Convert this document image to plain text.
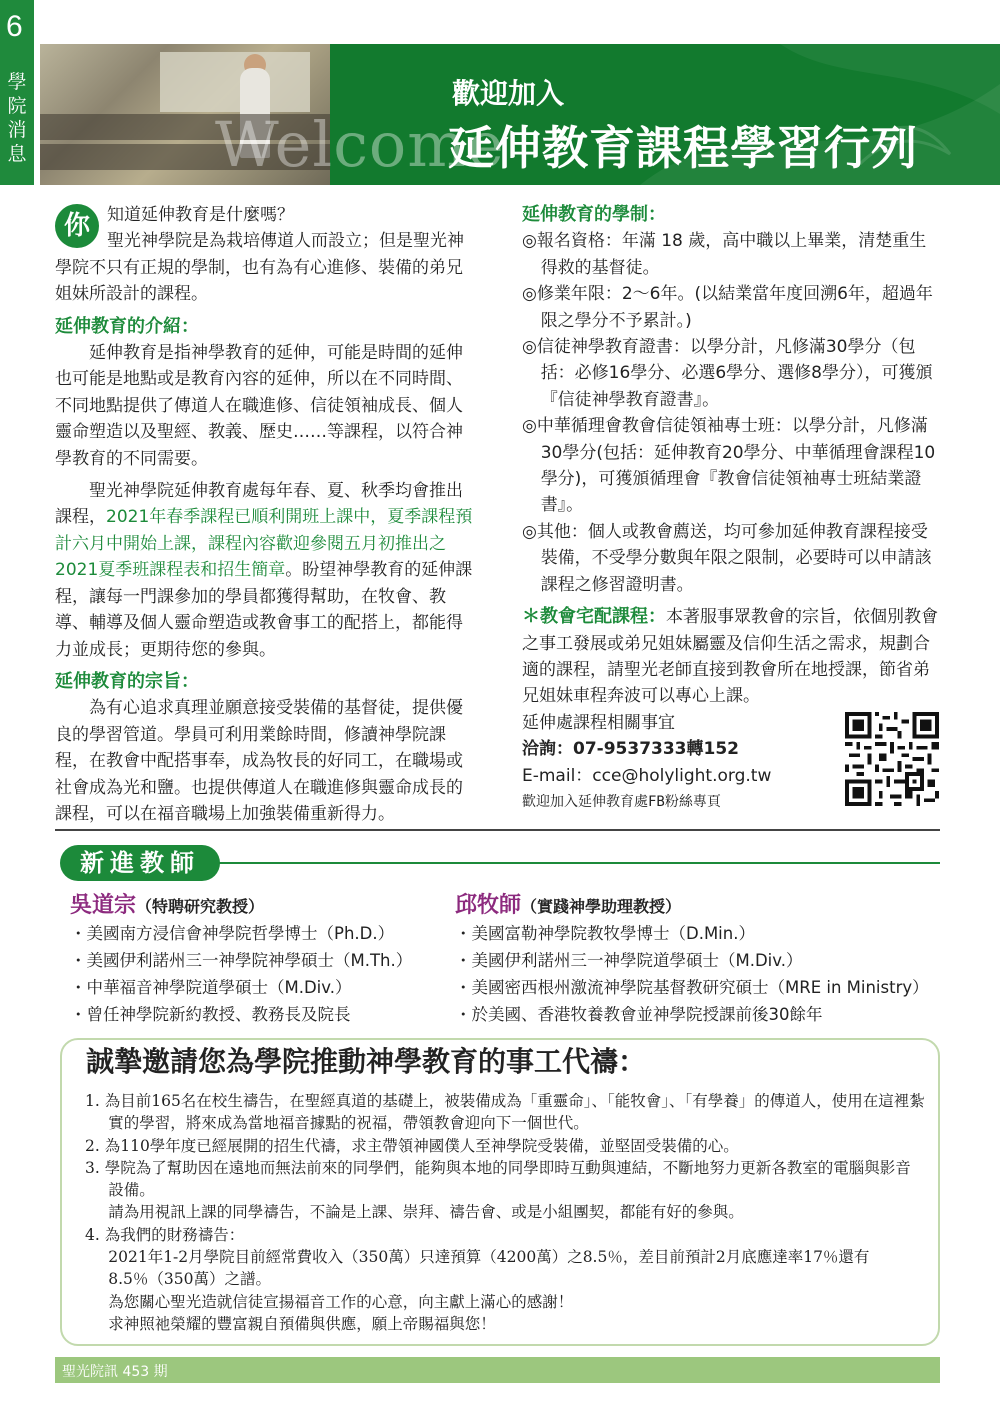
6
學
院
消
息	Welcome
歡迎加入
延伸教育課程學習行列
你	知道延伸教育是什麼嗎？

聖光神學院是為栽培傳道人而設立；但是聖光神學院不只有正規的學制，也有為有心進修、裝備的弟兄姐妹所設計的課程。

延伸教育的介紹：

延伸教育是指神學教育的延伸，可能是時間的延伸也可能是地點或是教育內容的延伸，所以在不同時間、不同地點提供了傳道人在職進修、信徒領袖成長、個人靈命塑造以及聖經、教義、歷史……等課程，以符合神學教育的不同需要。

聖光神學院延伸教育處每年春、夏、秋季均會推出課程，2021年春季課程已順利開班上課中，夏季課程預計六月中開始上課，課程內容歡迎參閱五月初推出之2021夏季班課程表和招生簡章。盼望神學教育的延伸課程，讓每一門課參加的學員都獲得幫助，在牧會、教導、輔導及個人靈命塑造或教會事工的配搭上，都能得力並成長；更期待您的參與。

延伸教育的宗旨：

為有心追求真理並願意接受裝備的基督徒，提供優良的學習管道。學員可利用業餘時間，修讀神學院課程，在教會中配搭事奉，成為牧長的好同工，在職場或社會成為光和鹽。也提供傳道人在職進修與靈命成長的課程，可以在福音職場上加強裝備重新得力。

延伸教育的學制：

◎報名資格：年滿 18 歲，高中職以上畢業，清楚重生得救的基督徒。

◎修業年限：2～6年。(以結業當年度回溯6年，超過年限之學分不予累計。)

◎信徒神學教育證書：以學分計，凡修滿30學分（包括：必修16學分、必選6學分、選修8學分），可獲頒『信徒神學教育證書』。

◎中華循理會教會信徒領袖專士班：以學分計，凡修滿30學分(包括：延伸教育20學分、中華循理會課程10學分)，可獲頒循理會『教會信徒領袖專士班結業證書』。

◎其他：個人或教會薦送，均可參加延伸教育課程接受裝備，不受學分數與年限之限制，必要時可以申請該課程之修習證明書。

＊教會宅配課程：本著服事眾教會的宗旨，依個別教會之事工發展或弟兄姐妹屬靈及信仰生活之需求，規劃合適的課程，請聖光老師直接到教會所在地授課，節省弟兄姐妹車程奔波可以專心上課。

延伸處課程相關事宜
洽詢：07-9537333轉152
E-mail：cce@holylight.org.tw
歡迎加入延伸教育處FB粉絲專頁
新進教師
吳道宗（特聘研究教授）
・美國南方浸信會神學院哲學博士（Ph.D.）
・美國伊利諾州三一神學院神學碩士（M.Th.）
・中華福音神學院道學碩士（M.Div.）
・曾任神學院新約教授、教務長及院長
邱牧師（實踐神學助理教授）
・美國富勒神學院教牧學博士（D.Min.）
・美國伊利諾州三一神學院道學碩士（M.Div.）
・美國密西根州激流神學院基督教研究碩士（MRE in Ministry）
・於美國、香港牧養教會並神學院授課前後30餘年
誠摯邀請您為學院推動神學教育的事工代禱：
1. 為目前165名在校生禱告，在聖經真道的基礎上，被裝備成為「重靈命」、「能牧會」、「有學養」的傳道人，使用在這裡紮實的學習，將來成為當地福音據點的祝福，帶領教會迎向下一個世代。
2. 為110學年度已經展開的招生代禱，求主帶領神國僕人至神學院受裝備，並堅固受裝備的心。
3. 學院為了幫助因在遠地而無法前來的同學們，能夠與本地的同學即時互動與連結，不斷地努力更新各教室的電腦與影音設備。
請為用視訊上課的同學禱告，不論是上課、崇拜、禱告會、或是小組團契，都能有好的參與。
4. 為我們的財務禱告：
2021年1-2月學院目前經常費收入（350萬）只達預算（4200萬）之8.5％，差目前預計2月底應達率17％還有8.5％（350萬）之譜。
為您關心聖光造就信徒宣揚福音工作的心意，向主獻上滿心的感謝！
求神照祂榮耀的豐富親自預備與供應，願上帝賜福與您！
聖光院訊 453 期
